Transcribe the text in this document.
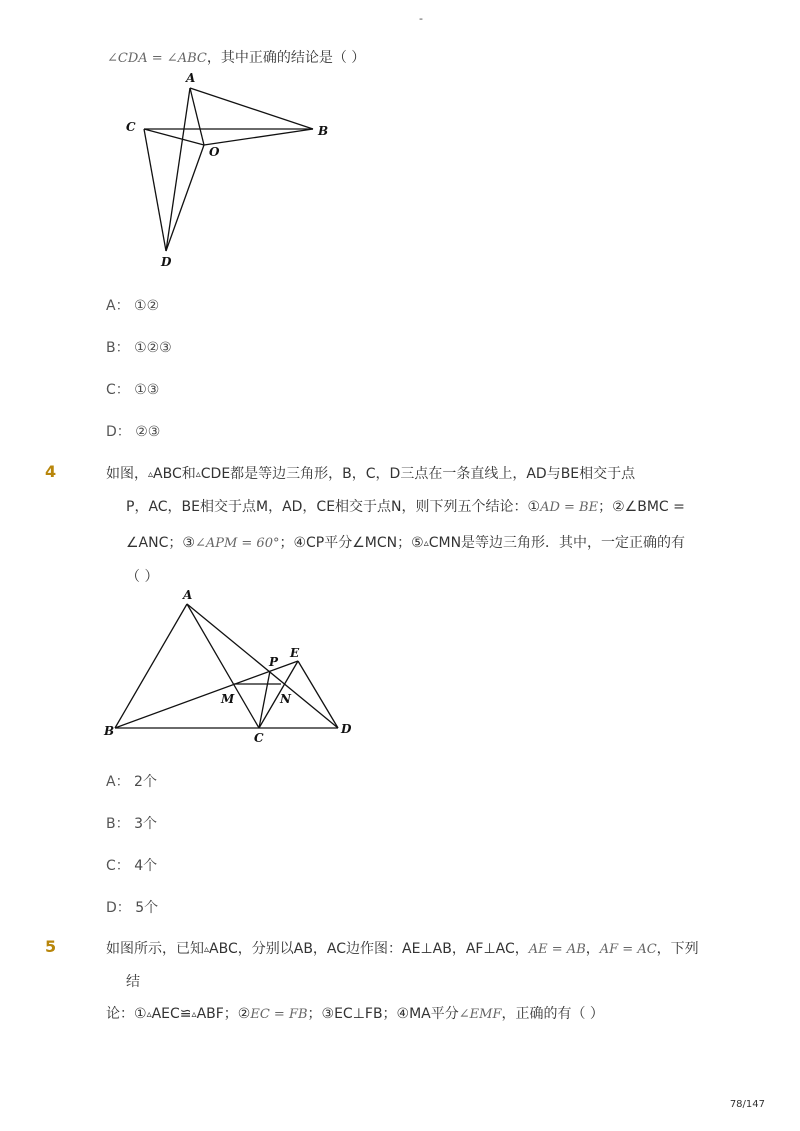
-
∠CDA = ∠ABC，其中正确的结论是（ ）
A
C	B
O
D
A： ①②
B： ①②③
C： ①③
D： ②③
4	如图，▵ABC和▵CDE都是等边三角形，B，C，D三点在一条直线上，AD与BE相交于点
P，AC，BE相交于点M，AD，CE相交于点N，则下列五个结论：①AD = BE；②∠BMC =
∠ANC；③∠APM = 60°；④CP平分∠MCN；⑤▵CMN是等边三角形．其中，一定正确的有
（ ）
A
B	C
D
E
P
M	N
A： 2个
B： 3个
C： 4个
D： 5个
5	如图所示，已知▵ABC，分别以AB，AC边作图：AE⊥AB，AF⊥AC，AE = AB，AF = AC，下列
结
论：①▵AEC≌▵ABF；②EC = FB；③EC⊥FB；④MA平分∠EMF，正确的有（ ）
78/147
